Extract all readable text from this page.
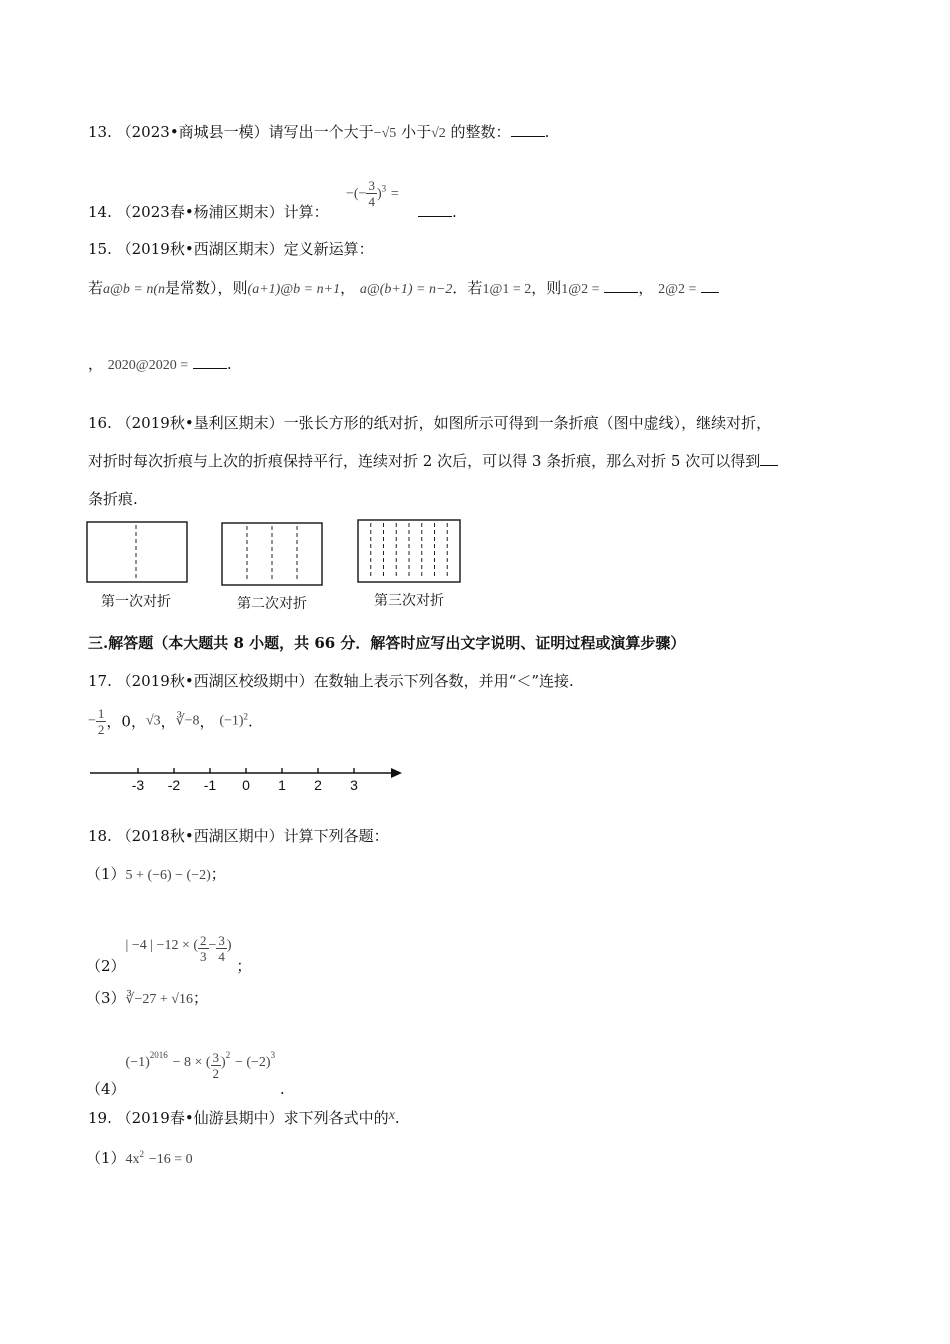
13. （2023•商城县一模）请写出一个大于−√5 小于√2 的整数： .
−(− $\frac{3}{4} )^3$ =
14. （2023春•杨浦区期末）计算：	.
15. （2019秋•西湖区期末）定义新运算：
若a@b = n(n是常数），则(a+1)@b = n+1， a@(b+1) = n−2．若1@1 = 2，则1@2 =	， 2@2 =
， 2020@2020 =	.
16. （2019秋•垦利区期末）一张长方形的纸对折，如图所示可得到一条折痕（图中虚线），继续对折，
对折时每次折痕与上次的折痕保持平行，连续对折 2 次后，可以得 3 条折痕，那么对折 5 次可以得到
条折痕.
第一次对折	第二次对折	第三次对折
三.解答题（本大题共 8 小题，共 66 分．解答时应写出文字说明、证明过程或演算步骤）
17. （2019秋•西湖区校级期中）在数轴上表示下列各数，并用“＜”连接.
− $\frac{1}{2}$ ，0，√3，∛−8， $(-1)^2$.
-3 -2 -1 0 1 2 3
18. （2018秋•西湖区期中）计算下列各题：
（1）5 + (−6) − (−2)；
（2）| −4 | −12 × ( $\frac{2}{3} - \frac{3}{4}$ ) ；
（3）∛−27 + √16；
$(4)(-1)^{2016} - 8$ × ( $\frac{3}{2} )^2 - (-2)^3$ .
19. （2019春•仙游县期中）求下列各式中的x.
$(1)4x^2 -16 = 0$
